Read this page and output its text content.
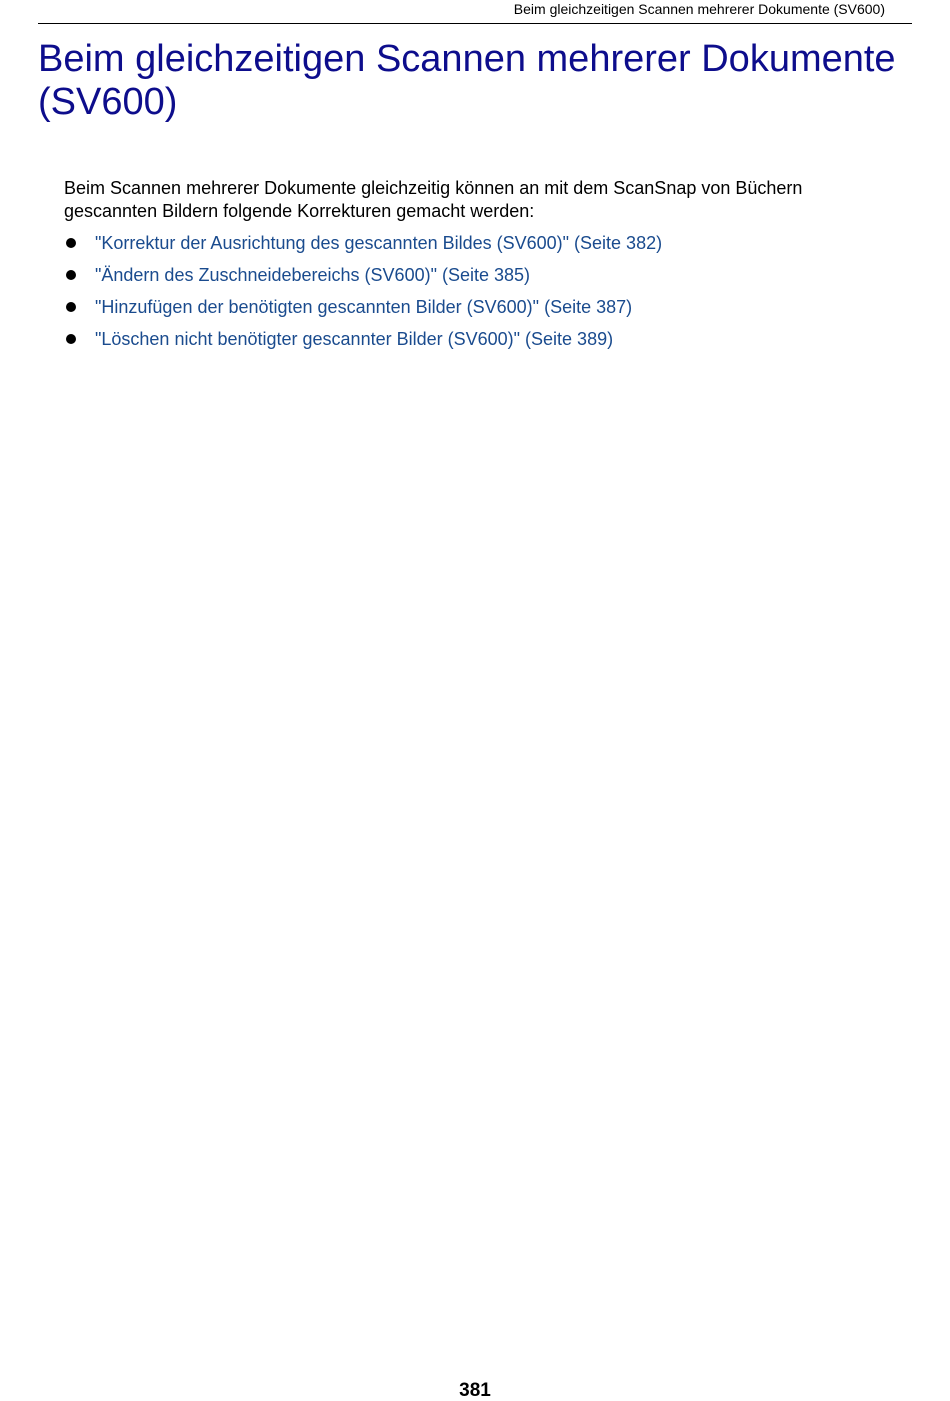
Beim gleichzeitigen Scannen mehrerer Dokumente (SV600)
Beim gleichzeitigen Scannen mehrerer Dokumente (SV600)

Beim Scannen mehrerer Dokumente gleichzeitig können an mit dem ScanSnap von Büchern gescannten Bildern folgende Korrekturen gemacht werden:

"Korrektur der Ausrichtung des gescannten Bildes (SV600)" (Seite 382)
"Ändern des Zuschneidebereichs (SV600)" (Seite 385)
"Hinzufügen der benötigten gescannten Bilder (SV600)" (Seite 387)
"Löschen nicht benötigter gescannter Bilder (SV600)" (Seite 389)
381
